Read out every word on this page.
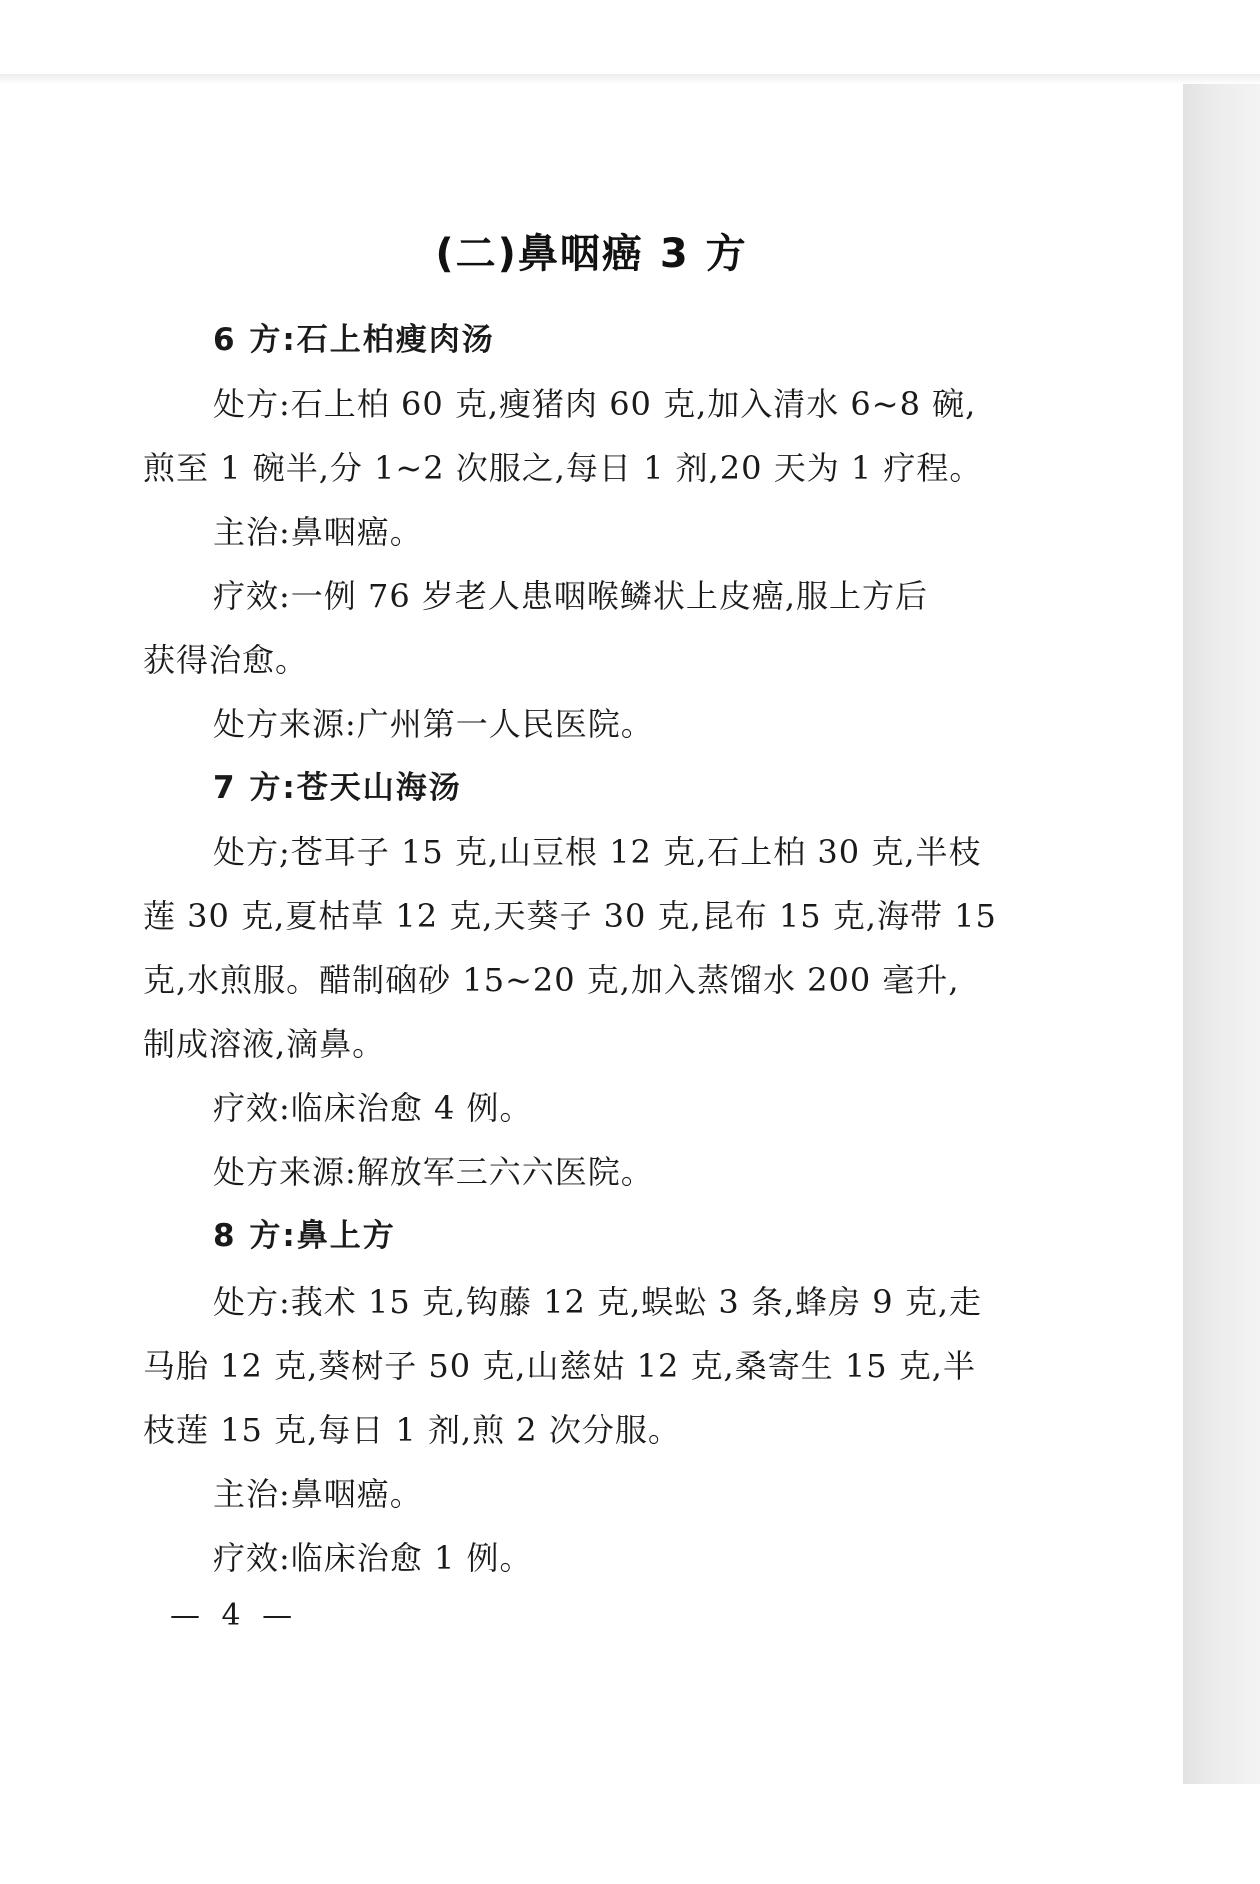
(二)鼻咽癌 3 方
6 方:石上柏瘦肉汤
处方:石上柏 60 克,瘦猪肉 60 克,加入清水 6~8 碗,
煎至 1 碗半,分 1~2 次服之,每日 1 剂,20 天为 1 疗程。
主治:鼻咽癌。
疗效:一例 76 岁老人患咽喉鳞状上皮癌,服上方后
获得治愈。
处方来源:广州第一人民医院。
7 方:苍天山海汤
处方;苍耳子 15 克,山豆根 12 克,石上柏 30 克,半枝
莲 30 克,夏枯草 12 克,天葵子 30 克,昆布 15 克,海带 15
克,水煎服。醋制硇砂 15~20 克,加入蒸馏水 200 毫升,
制成溶液,滴鼻。
疗效:临床治愈 4 例。
处方来源:解放军三六六医院。
8 方:鼻上方
处方:莪术 15 克,钩藤 12 克,蜈蚣 3 条,蜂房 9 克,走
马胎 12 克,葵树子 50 克,山慈姑 12 克,桑寄生 15 克,半
枝莲 15 克,每日 1 剂,煎 2 次分服。
主治:鼻咽癌。
疗效:临床治愈 1 例。
— 4 —
